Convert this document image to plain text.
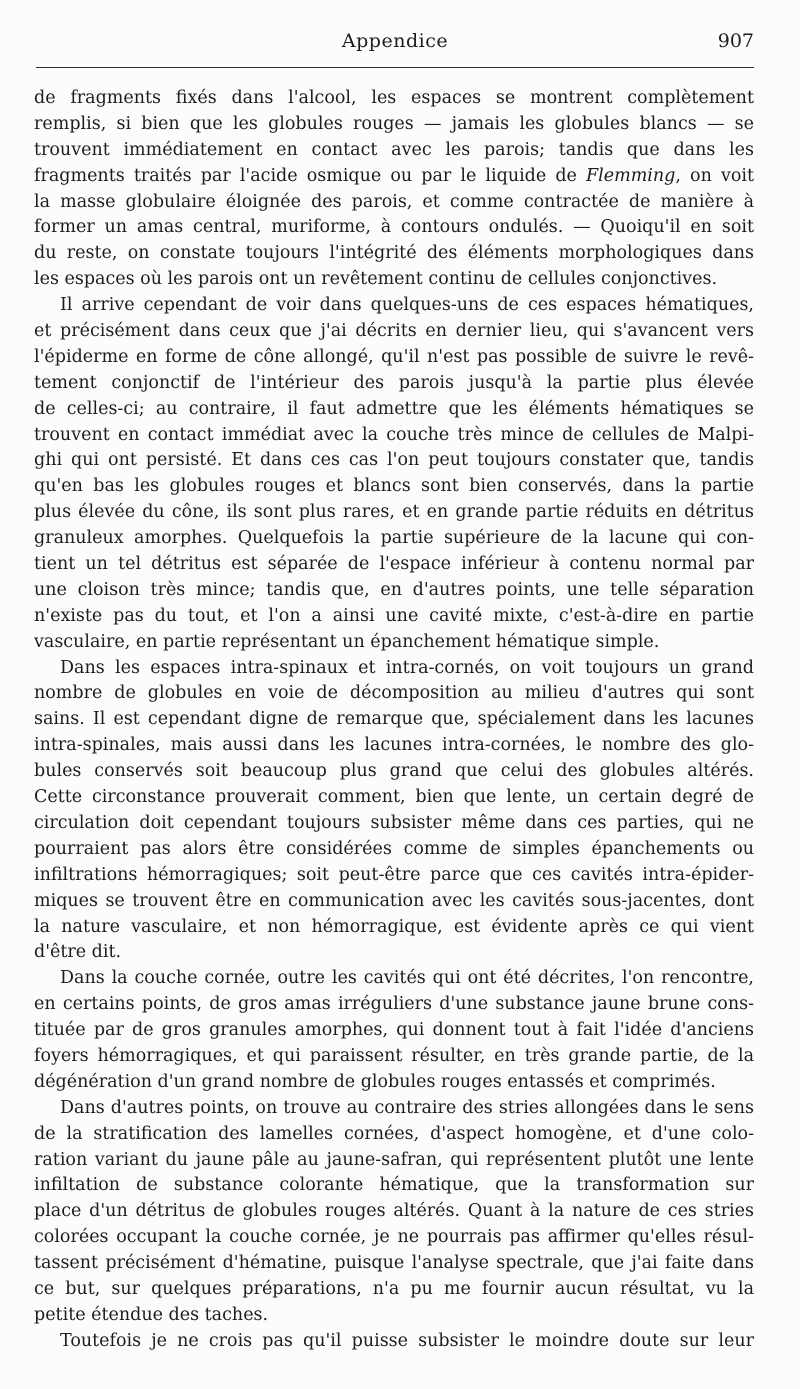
Appendice	907
de fragments fixés dans l'alcool, les espaces se montrent complètement
remplis, si bien que les globules rouges — jamais les globules blancs — se
trouvent immédiatement en contact avec les parois; tandis que dans les
fragments traités par l'acide osmique ou par le liquide de Flemming, on voit
la masse globulaire éloignée des parois, et comme contractée de manière à
former un amas central, muriforme, à contours ondulés. — Quoiqu'il en soit
du reste, on constate toujours l'intégrité des éléments morphologiques dans
les espaces où les parois ont un revêtement continu de cellules conjonctives.
Il arrive cependant de voir dans quelques-uns de ces espaces hématiques,
et précisément dans ceux que j'ai décrits en dernier lieu, qui s'avancent vers
l'épiderme en forme de cône allongé, qu'il n'est pas possible de suivre le revê-
tement conjonctif de l'intérieur des parois jusqu'à la partie plus élevée
de celles-ci; au contraire, il faut admettre que les éléments hématiques se
trouvent en contact immédiat avec la couche très mince de cellules de Malpi-
ghi qui ont persisté. Et dans ces cas l'on peut toujours constater que, tandis
qu'en bas les globules rouges et blancs sont bien conservés, dans la partie
plus élevée du cône, ils sont plus rares, et en grande partie réduits en détritus
granuleux amorphes. Quelquefois la partie supérieure de la lacune qui con-
tient un tel détritus est séparée de l'espace inférieur à contenu normal par
une cloison très mince; tandis que, en d'autres points, une telle séparation
n'existe pas du tout, et l'on a ainsi une cavité mixte, c'est-à-dire en partie
vasculaire, en partie représentant un épanchement hématique simple.
Dans les espaces intra-spinaux et intra-cornés, on voit toujours un grand
nombre de globules en voie de décomposition au milieu d'autres qui sont
sains. Il est cependant digne de remarque que, spécialement dans les lacunes
intra-spinales, mais aussi dans les lacunes intra-cornées, le nombre des glo-
bules conservés soit beaucoup plus grand que celui des globules altérés.
Cette circonstance prouverait comment, bien que lente, un certain degré de
circulation doit cependant toujours subsister même dans ces parties, qui ne
pourraient pas alors être considérées comme de simples épanchements ou
infiltrations hémorragiques; soit peut-être parce que ces cavités intra-épider-
miques se trouvent être en communication avec les cavités sous-jacentes, dont
la nature vasculaire, et non hémorragique, est évidente après ce qui vient
d'être dit.
Dans la couche cornée, outre les cavités qui ont été décrites, l'on rencontre,
en certains points, de gros amas irréguliers d'une substance jaune brune cons-
tituée par de gros granules amorphes, qui donnent tout à fait l'idée d'anciens
foyers hémorragiques, et qui paraissent résulter, en très grande partie, de la
dégénération d'un grand nombre de globules rouges entassés et comprimés.
Dans d'autres points, on trouve au contraire des stries allongées dans le sens
de la stratification des lamelles cornées, d'aspect homogène, et d'une colo-
ration variant du jaune pâle au jaune-safran, qui représentent plutôt une lente
infiltation de substance colorante hématique, que la transformation sur
place d'un détritus de globules rouges altérés. Quant à la nature de ces stries
colorées occupant la couche cornée, je ne pourrais pas affirmer qu'elles résul-
tassent précisément d'hématine, puisque l'analyse spectrale, que j'ai faite dans
ce but, sur quelques préparations, n'a pu me fournir aucun résultat, vu la
petite étendue des taches.
Toutefois je ne crois pas qu'il puisse subsister le moindre doute sur leur
